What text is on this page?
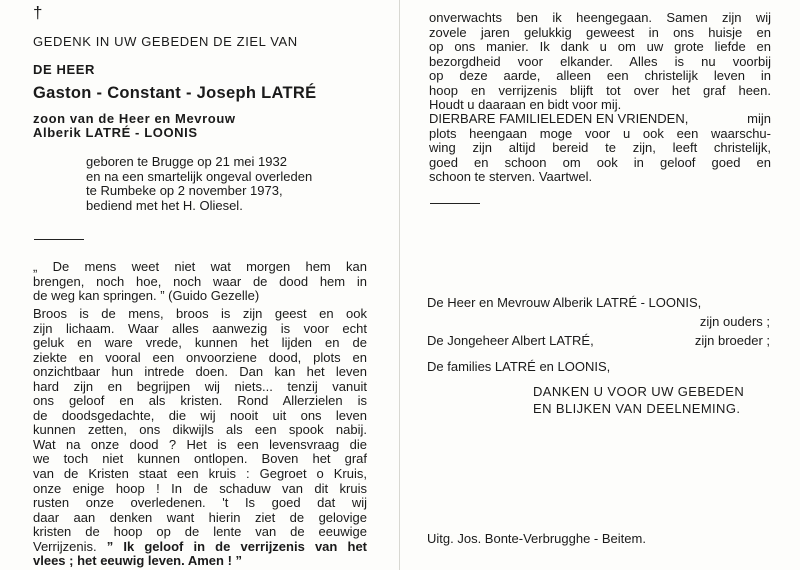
†
GEDENK IN UW GEBEDEN DE ZIEL VAN
DE HEER
Gaston - Constant - Joseph LATRÉ
zoon van de Heer en Mevrouw
Alberik LATRÉ - LOONIS
geboren te Brugge op 21 mei 1932
en na een smartelijk ongeval overleden
te Rumbeke op 2 november 1973,
bediend met het H. Oliesel.
„ De mens weet niet wat morgen hem kan
brengen, noch hoe, noch waar de dood hem in
de weg kan springen. ” (Guido Gezelle)
Broos is de mens, broos is zijn geest en ook
zijn lichaam. Waar alles aanwezig is voor echt
geluk en ware vrede, kunnen het lijden en de
ziekte en vooral een onvoorziene dood, plots en
onzichtbaar hun intrede doen. Dan kan het leven
hard zijn en begrijpen wij niets... tenzij vanuit
ons geloof en als kristen. Rond Allerzielen is
de doodsgedachte, die wij nooit uit ons leven
kunnen zetten, ons dikwijls als een spook nabij.
Wat na onze dood ? Het is een levensvraag die
we toch niet kunnen ontlopen. Boven het graf
van de Kristen staat een kruis : Gegroet o Kruis,
onze enige hoop ! In de schaduw van dit kruis
rusten onze overledenen. 't Is goed dat wij
daar aan denken want hierin ziet de gelovige
kristen de hoop op de lente van de eeuwige
Verrijzenis. ” Ik geloof in de verrijzenis van het
vlees ; het eeuwig leven. Amen ! ”
onverwachts ben ik heengegaan. Samen zijn wij
zovele jaren gelukkig geweest in ons huisje en
op ons manier. Ik dank u om uw grote liefde en
bezorgdheid voor elkander. Alles is nu voorbij
op deze aarde, alleen een christelijk leven in
hoop en verrijzenis blijft tot over het graf heen.
Houdt u daaraan en bidt voor mij.
DIERBARE FAMILIELEDEN EN VRIENDEN,	mijn
plots heengaan moge voor u ook een waarschu-
wing zijn altijd bereid te zijn, leeft christelijk,
goed en schoon om ook in geloof goed en
schoon te sterven. Vaartwel.
De Heer en Mevrouw Alberik LATRÉ - LOONIS,
zijn ouders ;
De Jongeheer Albert LATRÉ,	zijn broeder ;
De families LATRÉ en LOONIS,
DANKEN U VOOR UW GEBEDEN
EN BLIJKEN VAN DEELNEMING.
Uitg. Jos. Bonte-Verbrugghe - Beitem.
